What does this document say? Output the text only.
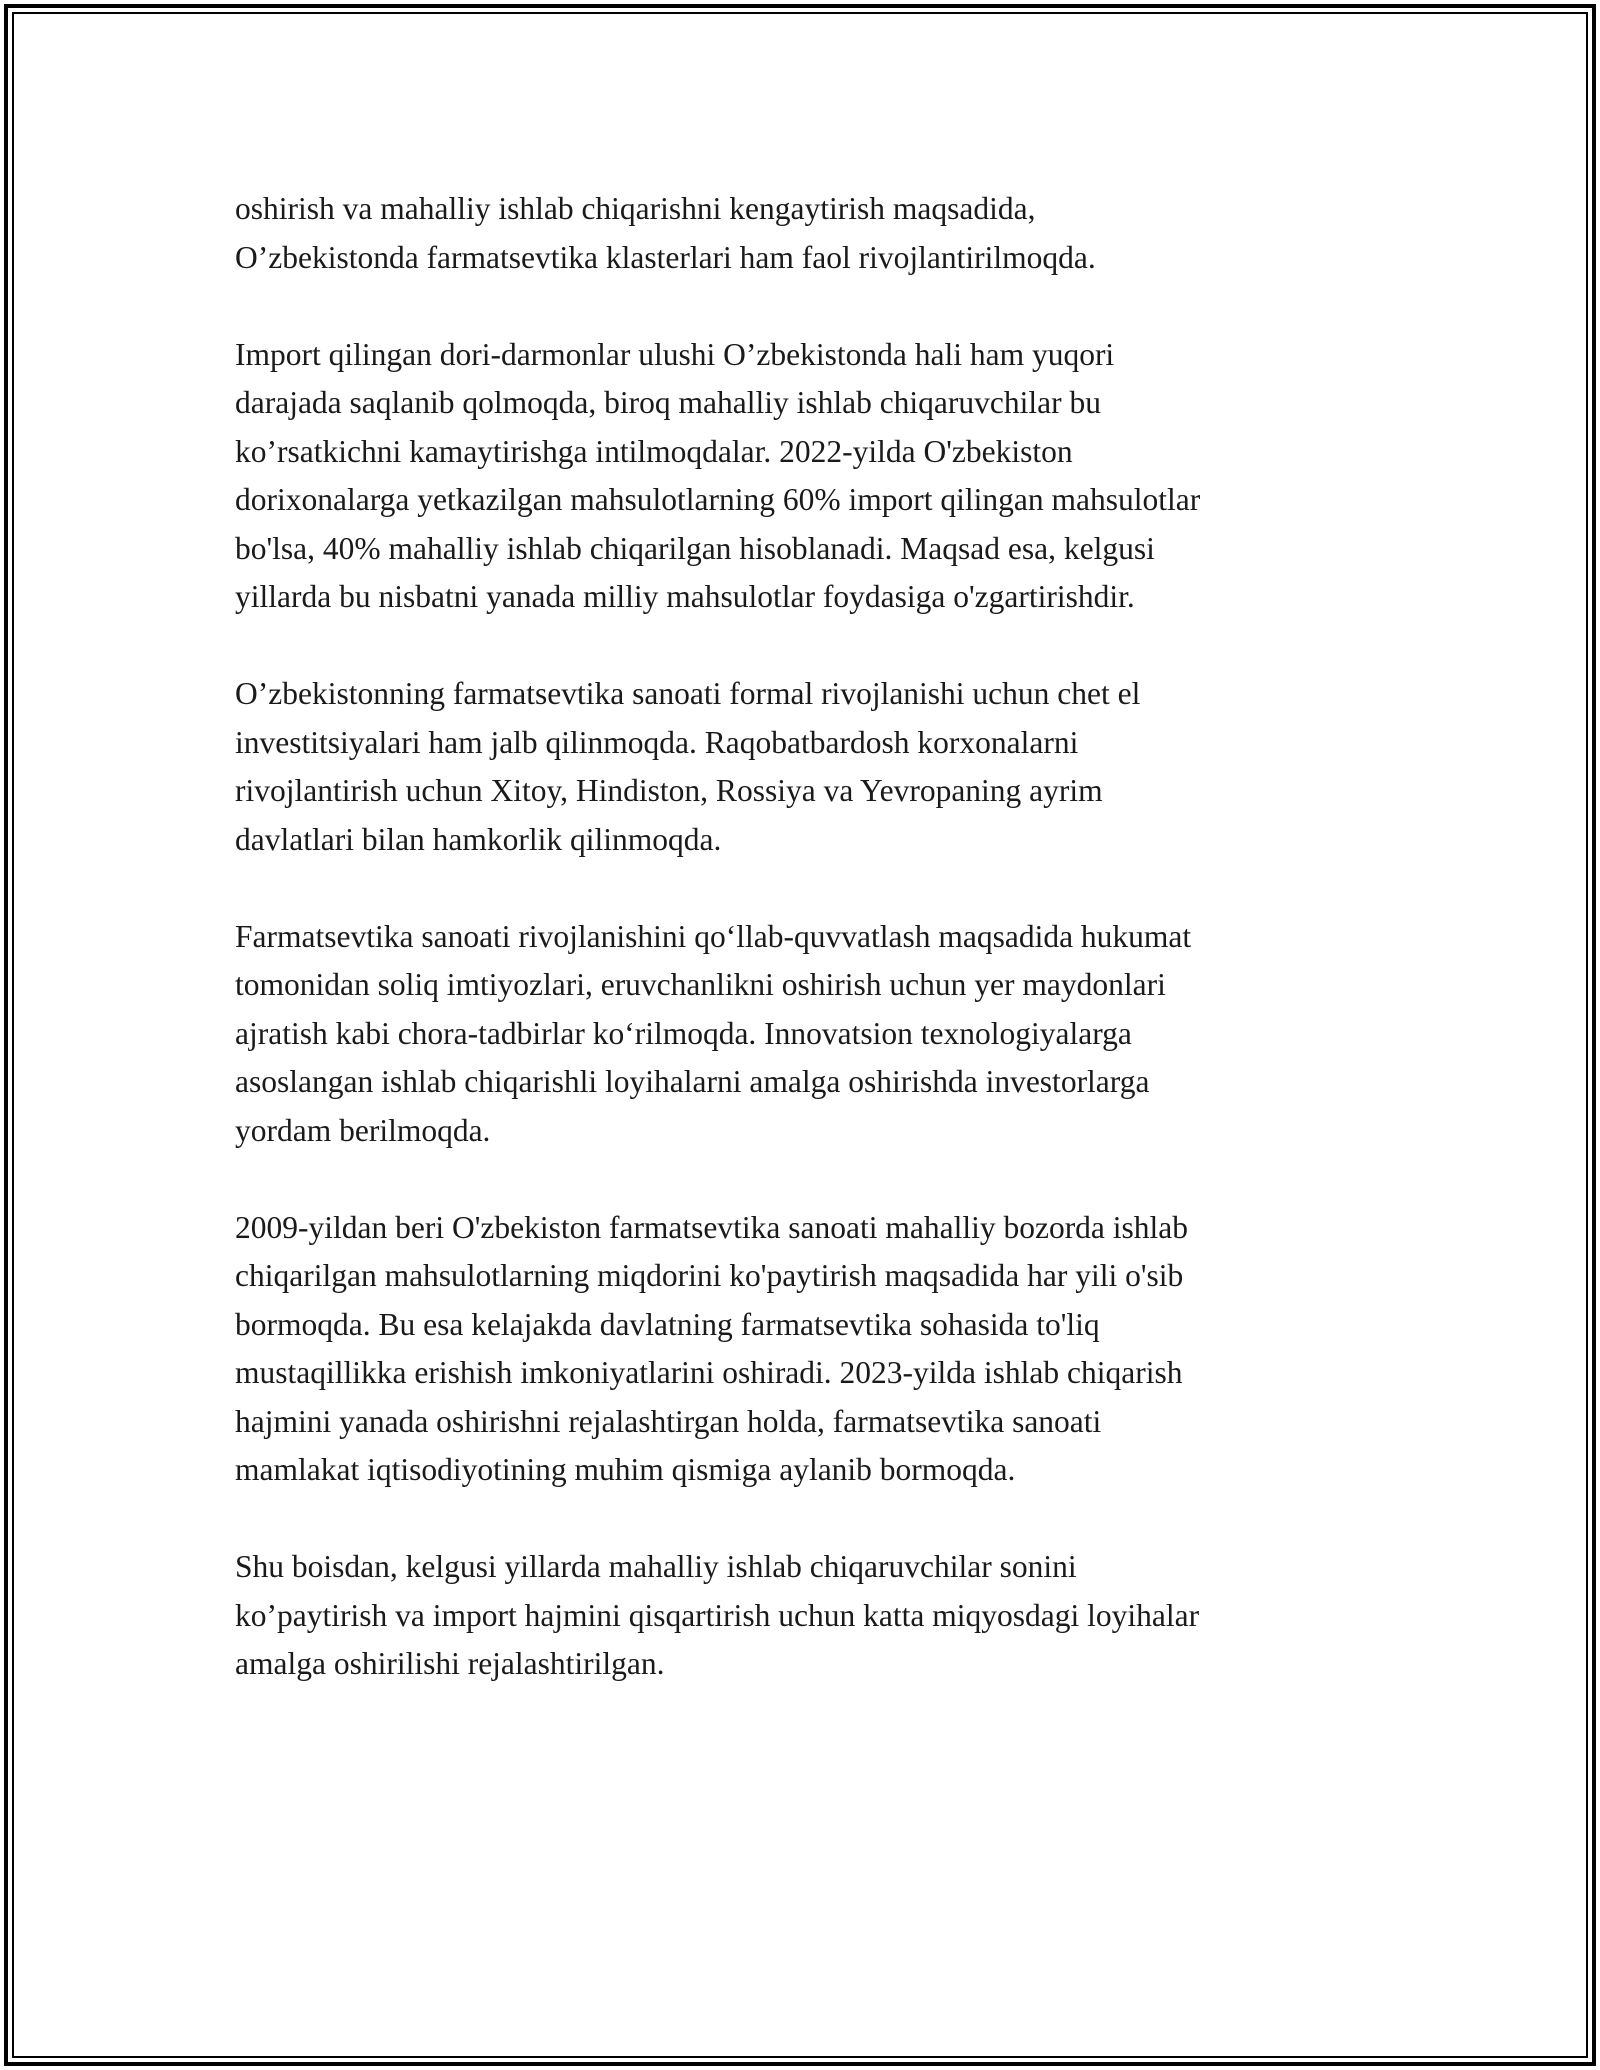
oshirish va mahalliy ishlab chiqarishni kengaytirish maqsadida,
O’zbekistonda farmatsevtika klasterlari ham faol rivojlantirilmoqda.

Import qilingan dori-darmonlar ulushi O’zbekistonda hali ham yuqori
darajada saqlanib qolmoqda, biroq mahalliy ishlab chiqaruvchilar bu
ko’rsatkichni kamaytirishga intilmoqdalar. 2022-yilda O'zbekiston
dorixonalarga yetkazilgan mahsulotlarning 60% import qilingan mahsulotlar
bo'lsa, 40% mahalliy ishlab chiqarilgan hisoblanadi. Maqsad esa, kelgusi
yillarda bu nisbatni yanada milliy mahsulotlar foydasiga o'zgartirishdir.

O’zbekistonning farmatsevtika sanoati formal rivojlanishi uchun chet el
investitsiyalari ham jalb qilinmoqda. Raqobatbardosh korxonalarni
rivojlantirish uchun Xitoy, Hindiston, Rossiya va Yevropaning ayrim
davlatlari bilan hamkorlik qilinmoqda.

Farmatsevtika sanoati rivojlanishini qo‘llab-quvvatlash maqsadida hukumat
tomonidan soliq imtiyozlari, eruvchanlikni oshirish uchun yer maydonlari
ajratish kabi chora-tadbirlar ko‘rilmoqda. Innovatsion texnologiyalarga
asoslangan ishlab chiqarishli loyihalarni amalga oshirishda investorlarga
yordam berilmoqda.

2009-yildan beri O'zbekiston farmatsevtika sanoati mahalliy bozorda ishlab
chiqarilgan mahsulotlarning miqdorini ko'paytirish maqsadida har yili o'sib
bormoqda. Bu esa kelajakda davlatning farmatsevtika sohasida to'liq
mustaqillikka erishish imkoniyatlarini oshiradi. 2023-yilda ishlab chiqarish
hajmini yanada oshirishni rejalashtirgan holda, farmatsevtika sanoati
mamlakat iqtisodiyotining muhim qismiga aylanib bormoqda.

Shu boisdan, kelgusi yillarda mahalliy ishlab chiqaruvchilar sonini
ko’paytirish va import hajmini qisqartirish uchun katta miqyosdagi loyihalar
amalga oshirilishi rejalashtirilgan.
